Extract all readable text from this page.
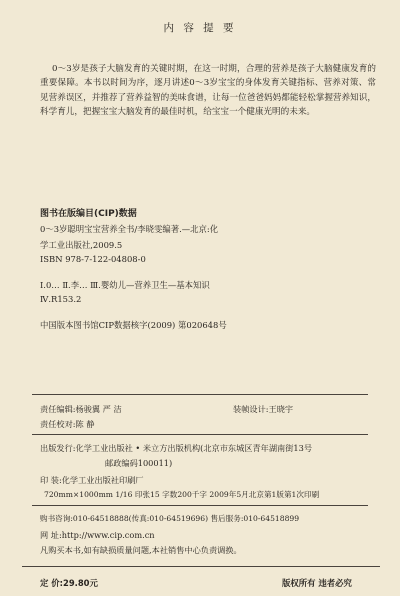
内 容 提 要

0～3岁是孩子大脑发育的关键时期，在这一时期，合理的营养是孩子大脑健康发育的重要保障。本书以时间为序，逐月讲述0～3岁宝宝的身体发育关键指标、营养对策、常见营养误区，并推荐了营养益智的美味食谱，让每一位爸爸妈妈都能轻松掌握营养知识，科学育儿，把握宝宝大脑发育的最佳时机，给宝宝一个健康光明的未来。

图书在版编目(CIP)数据
0～3岁聪明宝宝营养全书/李晓雯编著.—北京:化
学工业出版社,2009.5
ISBN 978-7-122-04808-0
Ⅰ.0… Ⅱ.李… Ⅲ.婴幼儿—营养卫生—基本知识
Ⅳ.R153.2
中国版本图书馆CIP数据核字(2009) 第020648号
责任编辑:杨骏翼 严 洁
责任校对:陈 静
装帧设计:王晓宇
出版发行:化学工业出版社 • 米立方出版机构(北京市东城区青年湖南街13号
邮政编码100011)
印 装:化学工业出版社印刷厂
720mm×1000mm 1/16 印张15 字数200千字 2009年5月北京第1版第1次印刷
购书咨询:010-64518888(传真:010-64519696) 售后服务:010-64518899
网 址:http://www.cip.com.cn
凡购买本书,如有缺损质量问题,本社销售中心负责调换。
定 价:29.80元	版权所有 违者必究
